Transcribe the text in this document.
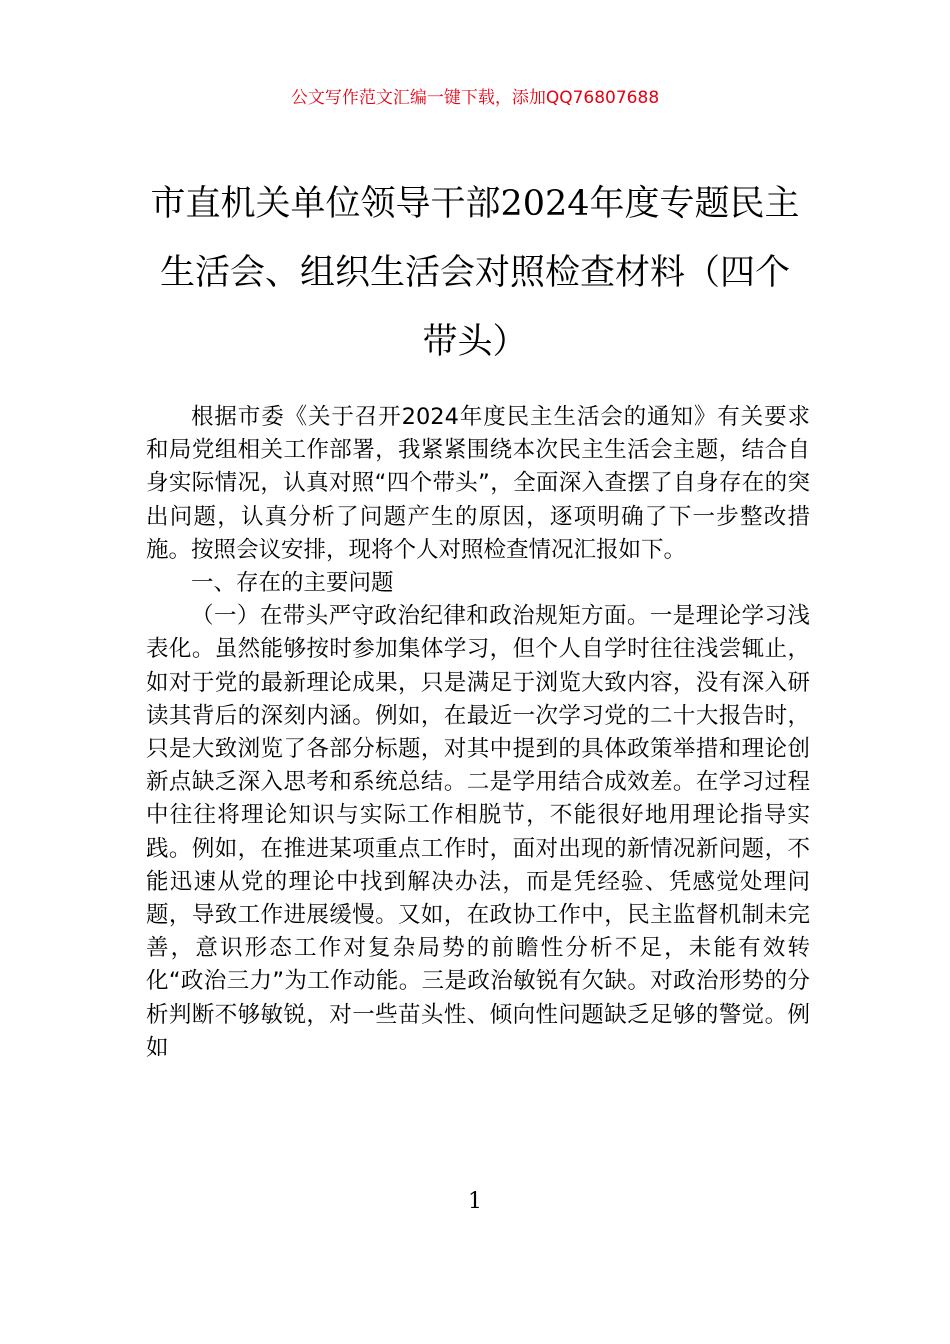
公文写作范文汇编一键下载，添加QQ76807688
市直机关单位领导干部2024年度专题民主
生活会、组织生活会对照检查材料（四个
带头）

根据市委《关于召开2024年度民主生活会的通知》有关要求和局党组相关工作部署，我紧紧围绕本次民主生活会主题，结合自身实际情况，认真对照“四个带头”，全面深入查摆了自身存在的突出问题，认真分析了问题产生的原因，逐项明确了下一步整改措施。按照会议安排，现将个人对照检查情况汇报如下。

一、存在的主要问题

（一）在带头严守政治纪律和政治规矩方面。一是理论学习浅表化。虽然能够按时参加集体学习，但个人自学时往往浅尝辄止，如对于党的最新理论成果，只是满足于浏览大致内容，没有深入研读其背后的深刻内涵。例如，在最近一次学习党的二十大报告时，只是大致浏览了各部分标题，对其中提到的具体政策举措和理论创新点缺乏深入思考和系统总结。二是学用结合成效差。在学习过程中往往将理论知识与实际工作相脱节，不能很好地用理论指导实践。例如，在推进某项重点工作时，面对出现的新情况新问题，不能迅速从党的理论中找到解决办法，而是凭经验、凭感觉处理问题，导致工作进展缓慢。又如，在政协工作中，民主监督机制未完善，意识形态工作对复杂局势的前瞻性分析不足，未能有效转化“政治三力”为工作动能。三是政治敏锐有欠缺。对政治形势的分析判断不够敏锐，对一些苗头性、倾向性问题缺乏足够的警觉。例如

1
